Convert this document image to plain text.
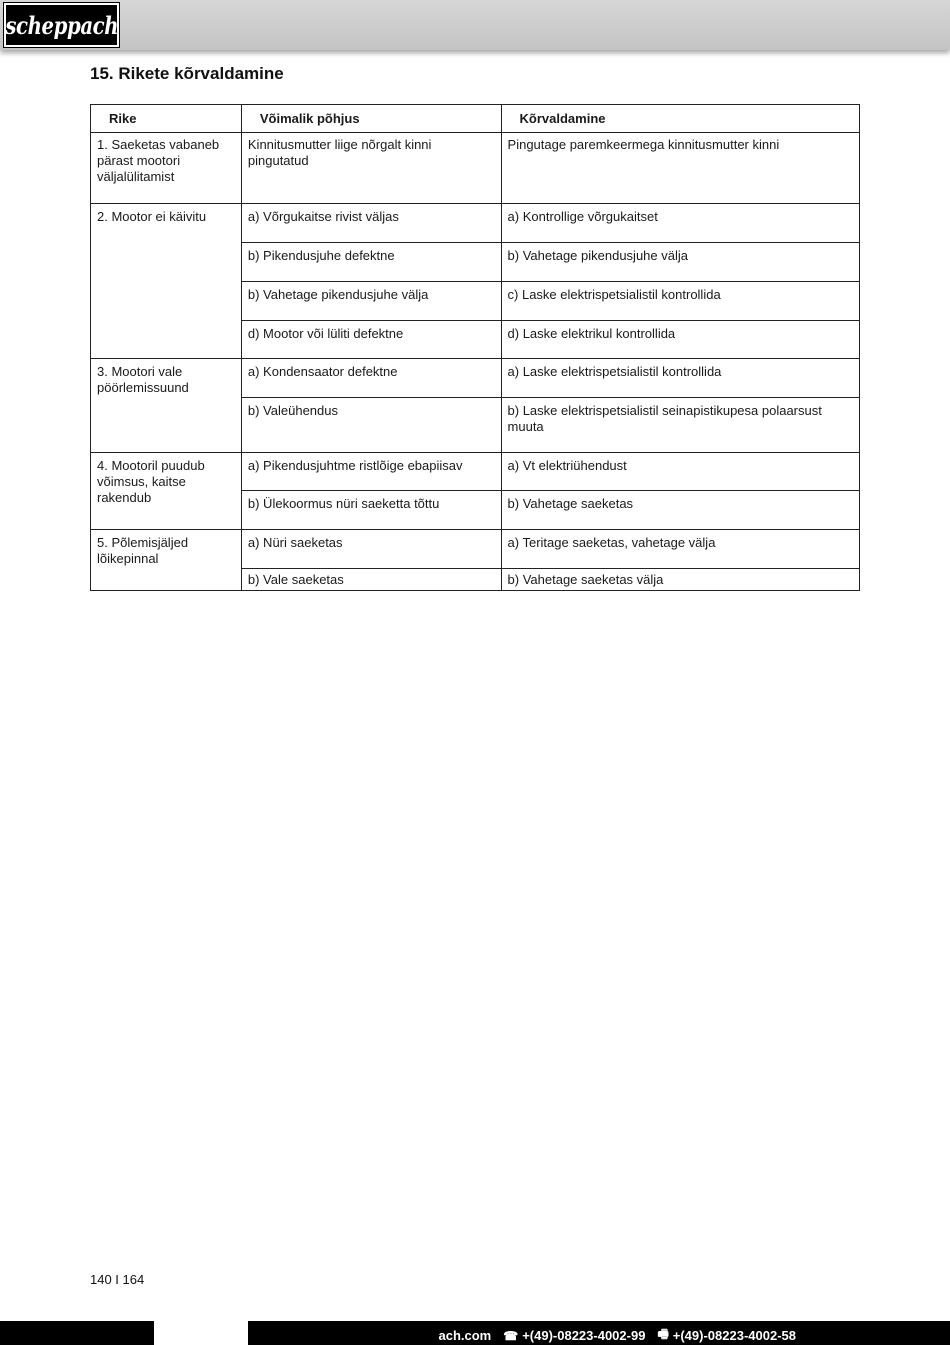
scheppach
15. Rikete kõrvaldamine
Rike	Võimalik põhjus	Kõrvaldamine
1. Saeketas vabaneb pärast mootori väljalülitamist	Kinnitusmutter liige nõrgalt kinni pingutatud	Pingutage paremkeermega kinnitusmutter kinni
2. Mootor ei käivitu	a) Võrgukaitse rivist väljas	a) Kontrollige võrgukaitset
	b) Pikendusjuhe defektne	b) Vahetage pikendusjuhe välja
	b) Vahetage pikendusjuhe välja	c) Laske elektrispetsialistil kontrollida
	d) Mootor või lüliti defektne	d) Laske elektrikul kontrollida
3. Mootori vale pöörlemissuund	a) Kondensaator defektne	a) Laske elektrispetsialistil kontrollida
	b) Valeühendus	b) Laske elektrispetsialistil seinapistikupesa polaarsust muuta
4. Mootoril puudub võimsus, kaitse rakendub	a) Pikendusjuhtme ristlõige ebapiisav	a) Vt elektriühendust
	b) Ülekoormus nüri saeketta tõttu	b) Vahetage saeketas
5. Põlemisjäljed lõikepinnal	a) Nüri saeketas	a) Teritage saeketas, vahetage välja
	b) Vale saeketas	b) Vahetage saeketas välja
140 I 164
ach.com ☎ +(49)-08223-4002-99 🖷 +(49)-08223-4002-58
